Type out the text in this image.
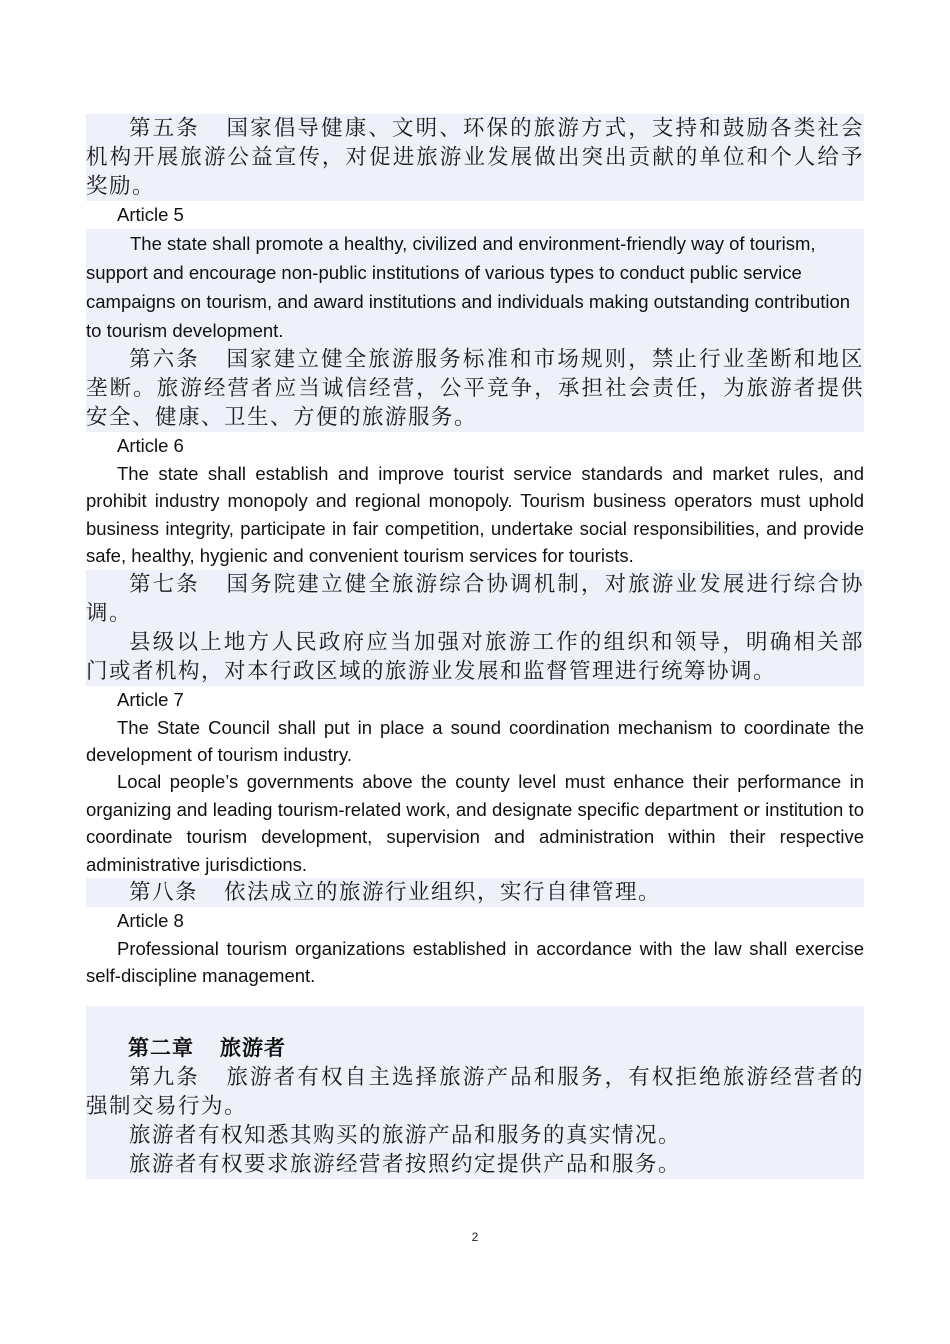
第五条 国家倡导健康、文明、环保的旅游方式，支持和鼓励各类社会机构开展旅游公益宣传，对促进旅游业发展做出突出贡献的单位和个人给予奖励。

Article 5

The state shall promote a healthy, civilized and environment-friendly way of tourism, support and encourage non-public institutions of various types to conduct public service campaigns on tourism, and award institutions and individuals making outstanding contribution to tourism development.

第六条 国家建立健全旅游服务标准和市场规则，禁止行业垄断和地区垄断。旅游经营者应当诚信经营，公平竞争，承担社会责任，为旅游者提供安全、健康、卫生、方便的旅游服务。

Article 6

The state shall establish and improve tourist service standards and market rules, and prohibit industry monopoly and regional monopoly. Tourism business operators must uphold business integrity, participate in fair competition, undertake social responsibilities, and provide safe, healthy, hygienic and convenient tourism services for tourists.

第七条 国务院建立健全旅游综合协调机制，对旅游业发展进行综合协调。

县级以上地方人民政府应当加强对旅游工作的组织和领导，明确相关部门或者机构，对本行政区域的旅游业发展和监督管理进行统筹协调。

Article 7

The State Council shall put in place a sound coordination mechanism to coordinate the development of tourism industry.

Local people’s governments above the county level must enhance their performance in organizing and leading tourism-related work, and designate specific department or institution to coordinate tourism development, supervision and administration within their respective administrative jurisdictions.

第八条 依法成立的旅游行业组织，实行自律管理。

Article 8

Professional tourism organizations established in accordance with the law shall exercise self-discipline management.

第二章 旅游者

第九条 旅游者有权自主选择旅游产品和服务，有权拒绝旅游经营者的强制交易行为。

旅游者有权知悉其购买的旅游产品和服务的真实情况。

旅游者有权要求旅游经营者按照约定提供产品和服务。

2
